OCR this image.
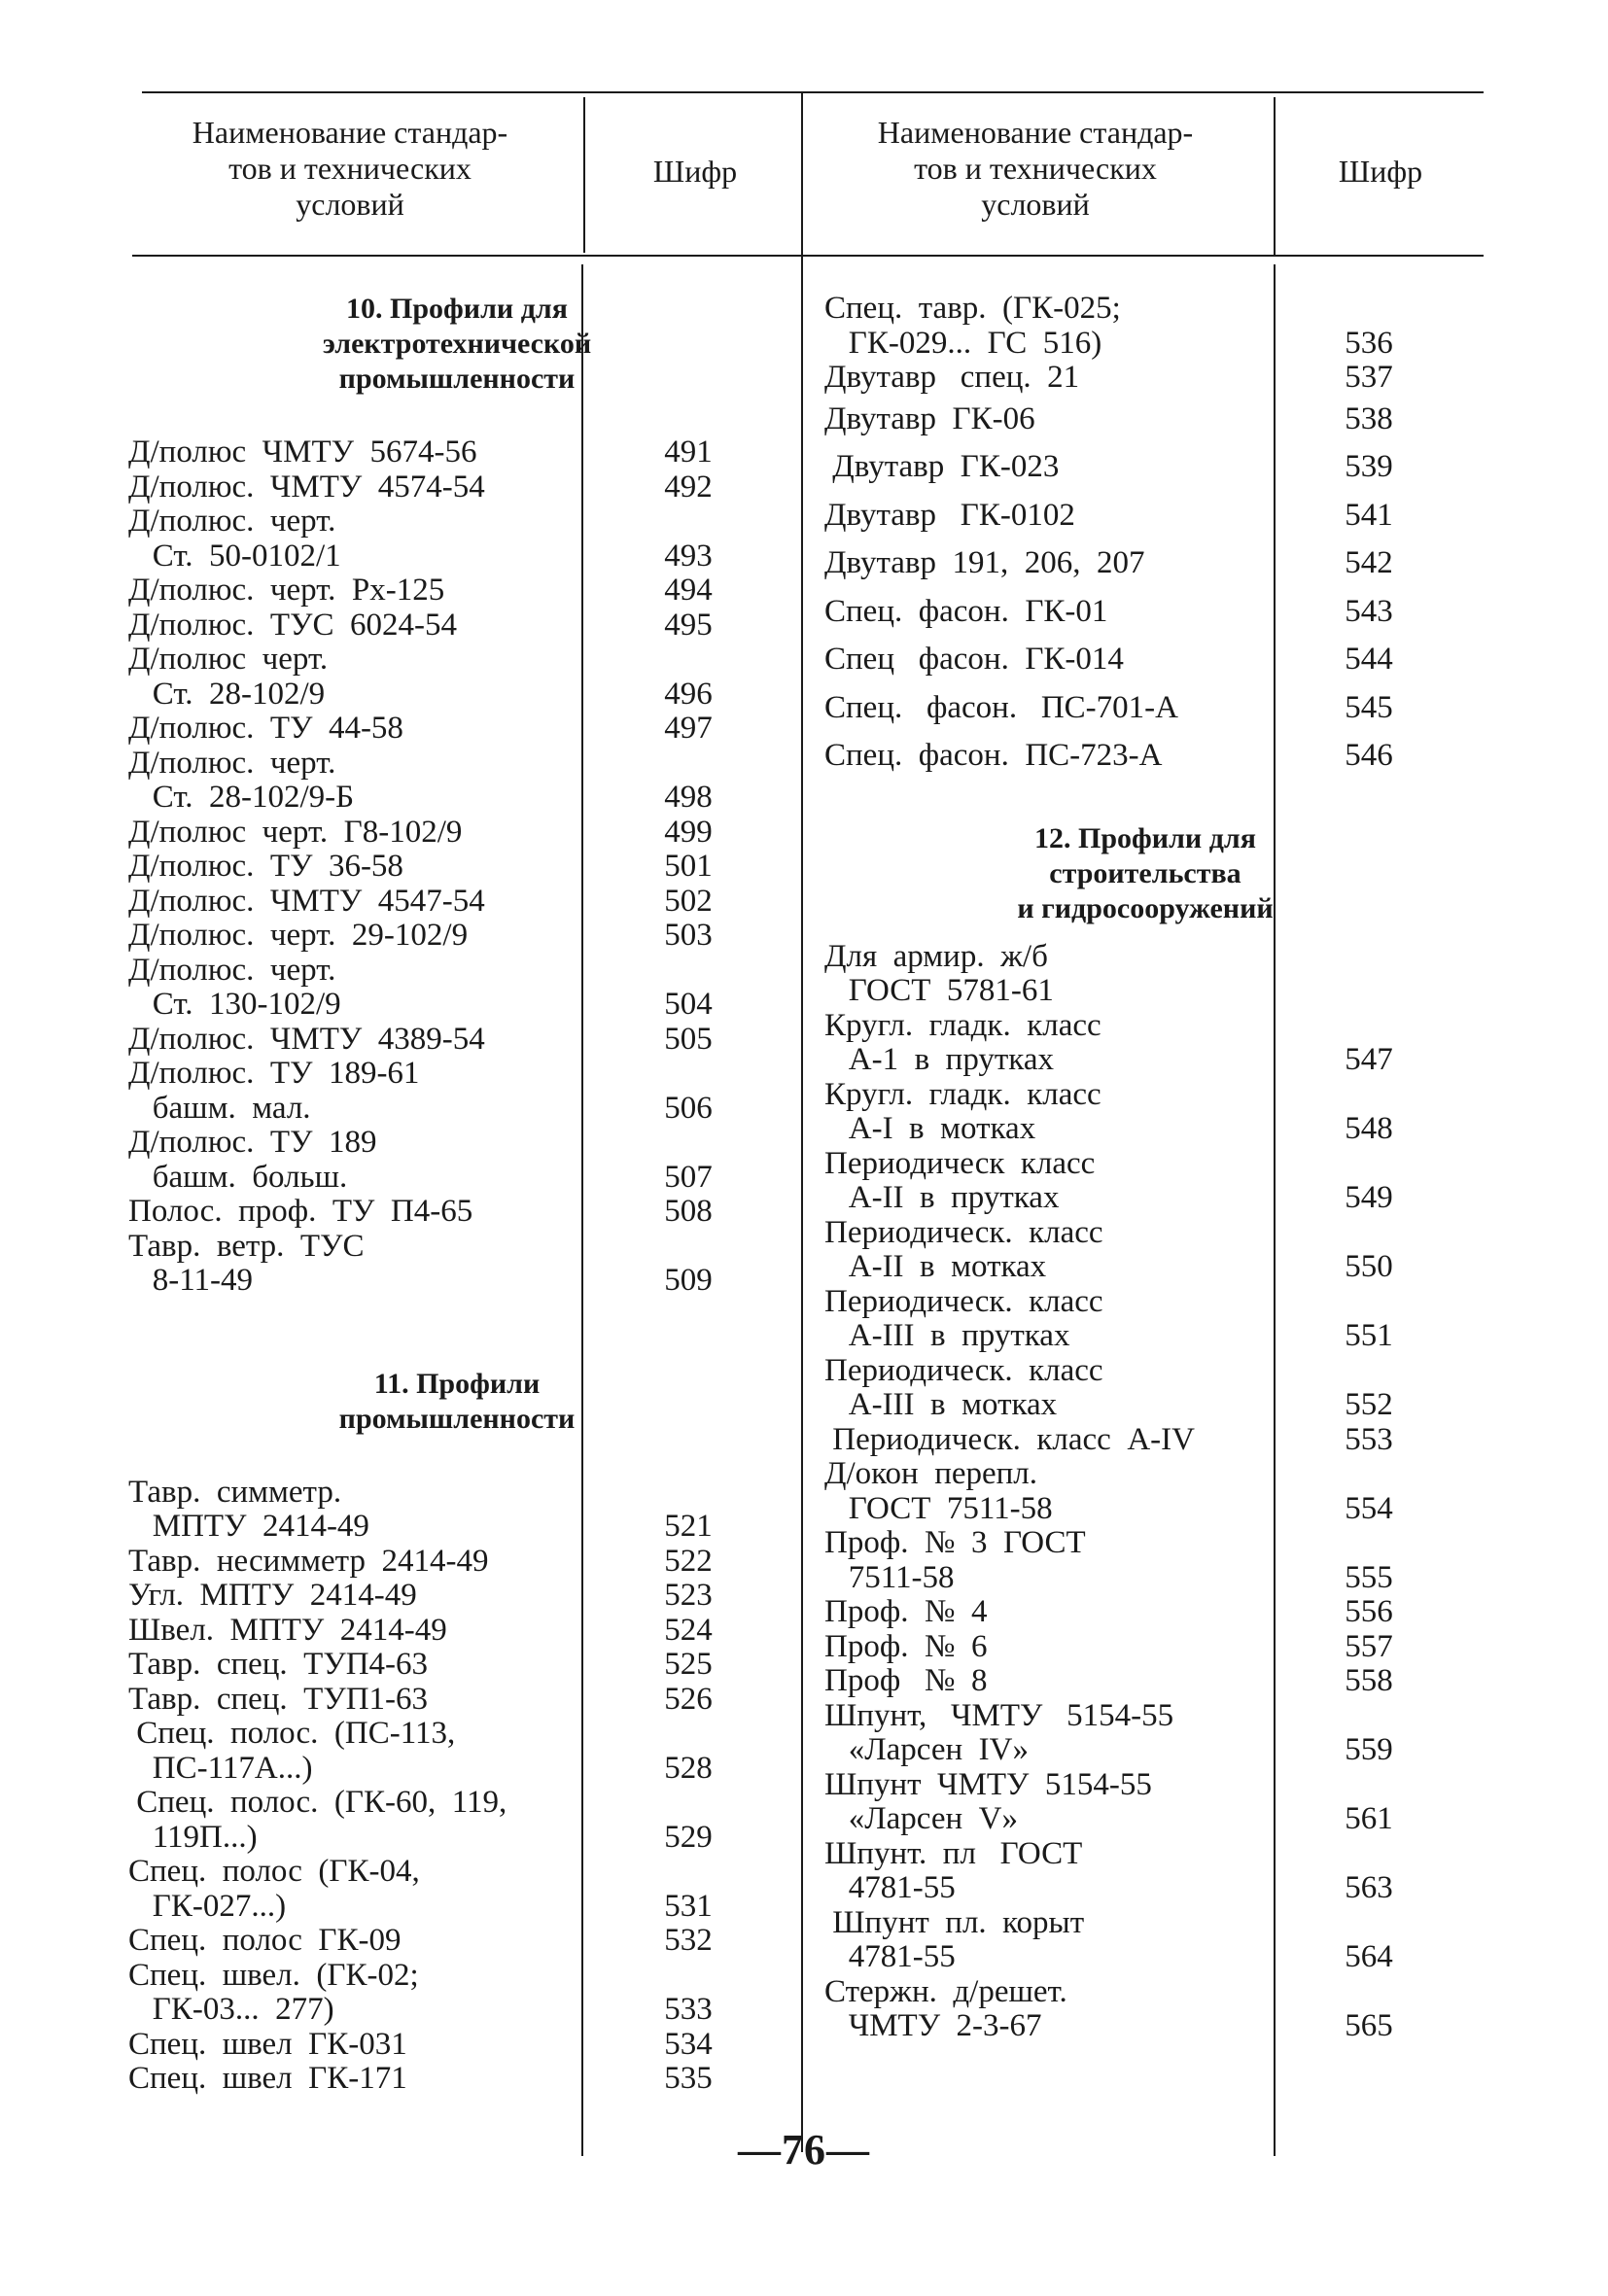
Наименование стандар-
тов и технических
условий
Шифр
Наименование стандар-
тов и технических
условий
Шифр
10. Профили для
электротехнической
промышленности
Д/полюс  ЧМТУ  5674-56	491
Д/полюс.  ЧМТУ  4574-54	492
Д/полюс.  черт.
Ст.  50-0102/1	493
Д/полюс.  черт.  Рх-125	494
Д/полюс.  ТУС  6024-54	495
Д/полюс  черт.
Ст.  28-102/9	496
Д/полюс.  ТУ  44-58	497
Д/полюс.  черт.
Ст.  28-102/9-Б	498
Д/полюс  черт.  Г8-102/9	499
Д/полюс.  ТУ  36-58	501
Д/полюс.  ЧМТУ  4547-54	502
Д/полюс.  черт.  29-102/9	503
Д/полюс.  черт.
Ст.  130-102/9	504
Д/полюс.  ЧМТУ  4389-54	505
Д/полюс.  ТУ  189-61
башм.  мал.	506
Д/полюс.  ТУ  189
башм.  больш.	507
Полос.  проф.  ТУ  П4-65	508
Тавр.  ветр.  ТУС
8-11-49	509
11. Профили
промышленности
Тавр.  симметр.
МПТУ  2414-49	521
Тавр.  несимметр  2414-49	522
Угл.  МПТУ  2414-49	523
Швел.  МПТУ  2414-49	524
Тавр.  спец.  ТУП4-63	525
Тавр.  спец.  ТУП1-63	526
Спец.  полос.  (ПС-113,
ПС-117А...)	528
Спец.  полос.  (ГК-60,  119,
119П...)	529
Спец.  полос  (ГК-04,
ГК-027...)	531
Спец.  полос  ГК-09	532
Спец.  швел.  (ГК-02;
ГК-03...  277)	533
Спец.  швел  ГК-031	534
Спец.  швел  ГК-171	535
Спец.  тавр.  (ГК-025;
ГК-029...  ГС  516)	536
Двутавр   спец.  21	537
Двутавр  ГК-06	538
Двутавр  ГК-023	539
Двутавр   ГК-0102	541
Двутавр  191,  206,  207	542
Спец.  фасон.  ГК-01	543
Спец   фасон.  ГК-014	544
Спец.   фасон.   ПС-701-А	545
Спец.  фасон.  ПС-723-А	546
12. Профили для
строительства
и гидросооружений
Для  армир.  ж/б
ГОСТ  5781-61
Кругл.  гладк.  класс
А-1  в  прутках	547
Кругл.  гладк.  класс
А-I  в  мотках	548
Периодическ  класс
А-II  в  прутках	549
Периодическ.  класс
А-II  в  мотках	550
Периодическ.  класс
А-III  в  прутках	551
Периодическ.  класс
А-III  в  мотках	552
Периодическ.  класс  А-IV	553
Д/окон  перепл.
ГОСТ  7511-58	554
Проф.  №  3  ГОСТ
7511-58	555
Проф.  №  4	556
Проф.  №  6	557
Проф   №  8	558
Шпунт,   ЧМТУ   5154-55
«Ларсен  IV»	559
Шпунт  ЧМТУ  5154-55
«Ларсен  V»	561
Шпунт.  пл   ГОСТ
4781-55	563
Шпунт  пл.  корыт
4781-55	564
Стержн.  д/решет.
ЧМТУ  2-3-67	565
—76—
